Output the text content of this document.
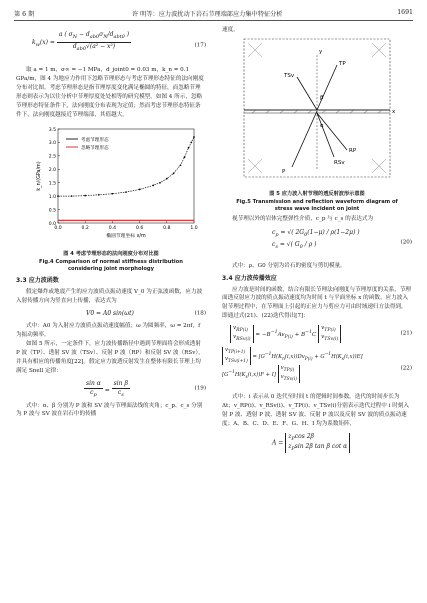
第 6 期	许 明等：应力波扰动下岩石节理端部应力集中特征分析	1691
$k_w(x) = \frac{a ( \sigma_N - d_{ab0}\sigma_N/d_{abt0} )}{d_{ab0}√(a^2 - x^2)}$	(17)

取 a = 1 m，σ∞ = −1 MPa，d_joint0 = 0.03 m，k_n = 0.1 GPa/m，图 4 为地应力作用下忽略节理形态与考虑节理形态特征的法向刚度分布对比图。考虑节理形态是指节理厚度变化满足椭圆的特征，而忽略节理形态则表示为以往分析中节理厚度处处相等的研究模型。如图 4 所示，忽略节理形态特征条件下，法向刚度分布表现为定值；然而考虑节理形态特征条件下，法向刚度越接近节理端部，其值越大。

0.0
0.5
1.0
1.5
2.0
2.5
3.0
3.5
0.0	0.2	0.4	0.6	0.8	1.0
椭圆节理坐标 x/m
k_n/(GPa/m)
考虑节理形态
忽略节理形态
图 4 考虑节理形态的法向刚度分布对比图
Fig.4 Comparison of normal stiffness distribution
considering joint morphology
3.3 应力波函数

假定爆炸或地震产生的应力波质点振动速度 V_0 为正弦波函数，应力波入射传播方向为竖直向上传播，表达式为

V0 = A0 sin(ωt)	(18)

式中：A0 为入射应力波质点振动速度幅值；ω 为圆频率，ω = 2πf，f 为振动频率。

如图 5 所示，一定条件下，应力波传播路径中遇到节理面将会形成透射 P 波（TP）、透射 SV 波（TSv）、反射 P 波（RP）和反射 SV 波（RSv），并具有相应的传播角度[22]。假定应力波透反射发生在整体有限长节理上均满足 Snell 定律：

$\frac{\text{sin α}}{c_p} = \frac{\text{sin β}}{c_s}$	(19)

式中：α、β 分别为 P 波和 SV 波与节理面法线的夹角；c_p、c_s 分别为 P 波与 SV 波在岩石中的传播

速度。

TP
TSv
RP
RSv
P
α
β
x
y
图 5 应力波入射节理的透反射波形示意图
Fig.5 Transmission and reflection waveform diagram of
stress wave incident on joint

视节理以外的岩体完整弹性介质，c_p 与 c_s 的表达式为

$c_p$ = √( $2G_0(1-\mu) / \rho(1-2\mu)$ )
$c_s$ = √( $G_0$ / ρ )	(20)

式中：ρ、G0 分别为岩石的密度与剪切模量。

3.4 应力波传播效应

应力波是时间的函数，结合有限长节理法向刚度与节理厚度的关系，节理面透反射应力波的质点振动速度均为时间 t 与平面坐标 x 的函数。应力波入射节理过程中，在节理面上引起的正应力与剪应力可由时域递归方法得到，即通过式(21)、(22)迭代得出[7]：

$v_{RP(i)}$
$v_{RSv(i)} = -B^{-1}Av_{P(i)} + B^{-1}C$ $v_{TP(i)}$
$v_{TSv(i)}$
(21)
$v_{TP(i+1)}$
$v_{TSv(i+1)} = [G^{-1}H(K_n(i,x))Dv_{P(i)} + G^{-1}H(K_s(i,x))E]$
$[G^{-1}H(K_s(i,x))F + I]$ $v_{TP(i)}$
$v_{TSv(i)}$
(22)

式中：i 表示从 0 迭代至时间 t 的逻辑时间参数，迭代的时间步长为 Δt；v_RP(i)、v_RSv(i)、v_TP(i)、v_TSv(i)分别表示迭代过程中 i 时刻入射 P 波、透射 P 波、透射 SV 波、反射 P 波以及反射 SV 波的质点振动速度；A、B、C、D、E、F、G、H、I 均为系数矩阵，

$A = z_P\cos$ 2β
$z_P\sin$ 2β tan β cot α
